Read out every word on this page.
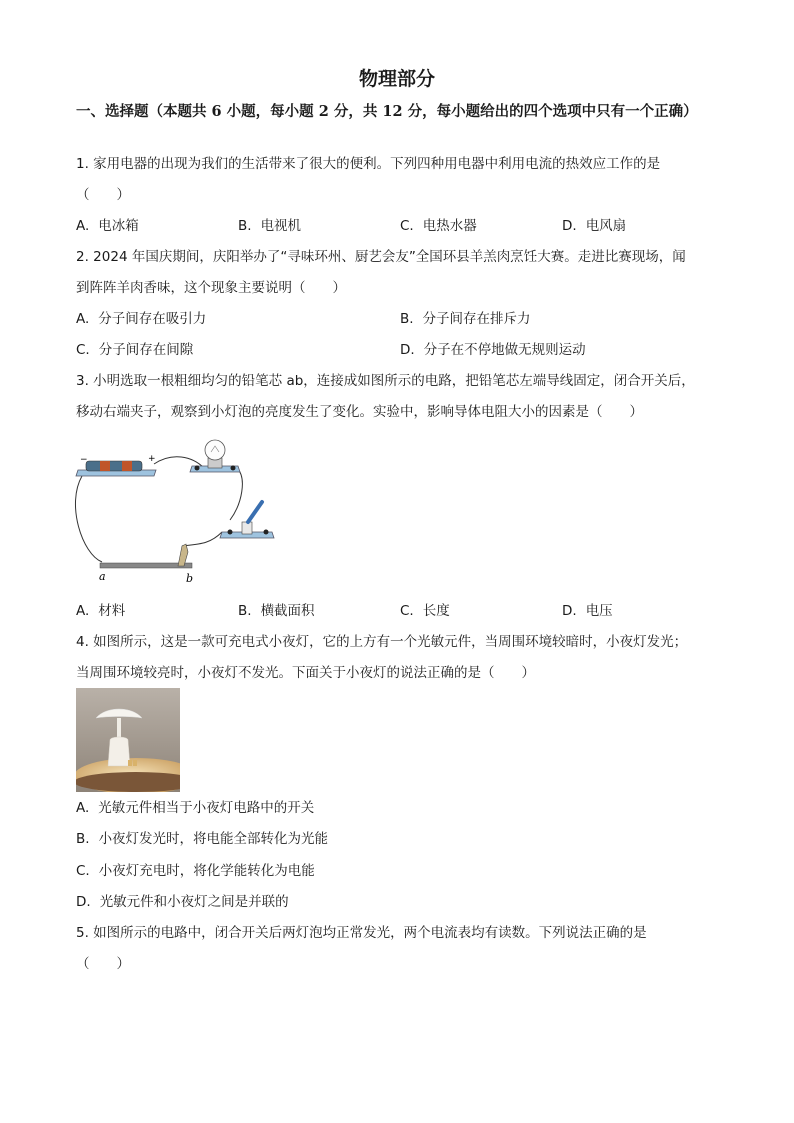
物理部分
一、选择题（本题共 6 小题，每小题 2 分，共 12 分，每小题给出的四个选项中只有一个正确）
1. 家用电器的出现为我们的生活带来了很大的便利。下列四种用电器中利用电流的热效应工作的是
（　　）
A. 电冰箱	B. 电视机	C. 电热水器	D. 电风扇
2. 2024 年国庆期间，庆阳举办了“寻味环州、厨艺会友”全国环县羊羔肉烹饪大赛。走进比赛现场，闻
到阵阵羊肉香味，这个现象主要说明（　　）
A. 分子间存在吸引力	B. 分子间存在排斥力
C. 分子间存在间隙	D. 分子在不停地做无规则运动
3. 小明选取一根粗细均匀的铅笔芯 ab，连接成如图所示的电路，把铅笔芯左端导线固定，闭合开关后，
移动右端夹子，观察到小灯泡的亮度发生了变化。实验中，影响导体电阻大小的因素是（　　）
−	+
a	b
A. 材料	B. 横截面积	C. 长度	D. 电压
4. 如图所示，这是一款可充电式小夜灯，它的上方有一个光敏元件，当周围环境较暗时，小夜灯发光；
当周围环境较亮时，小夜灯不发光。下面关于小夜灯的说法正确的是（　　）
A. 光敏元件相当于小夜灯电路中的开关
B. 小夜灯发光时，将电能全部转化为光能
C. 小夜灯充电时，将化学能转化为电能
D. 光敏元件和小夜灯之间是并联的
5. 如图所示的电路中，闭合开关后两灯泡均正常发光，两个电流表均有读数。下列说法正确的是
（　　）
